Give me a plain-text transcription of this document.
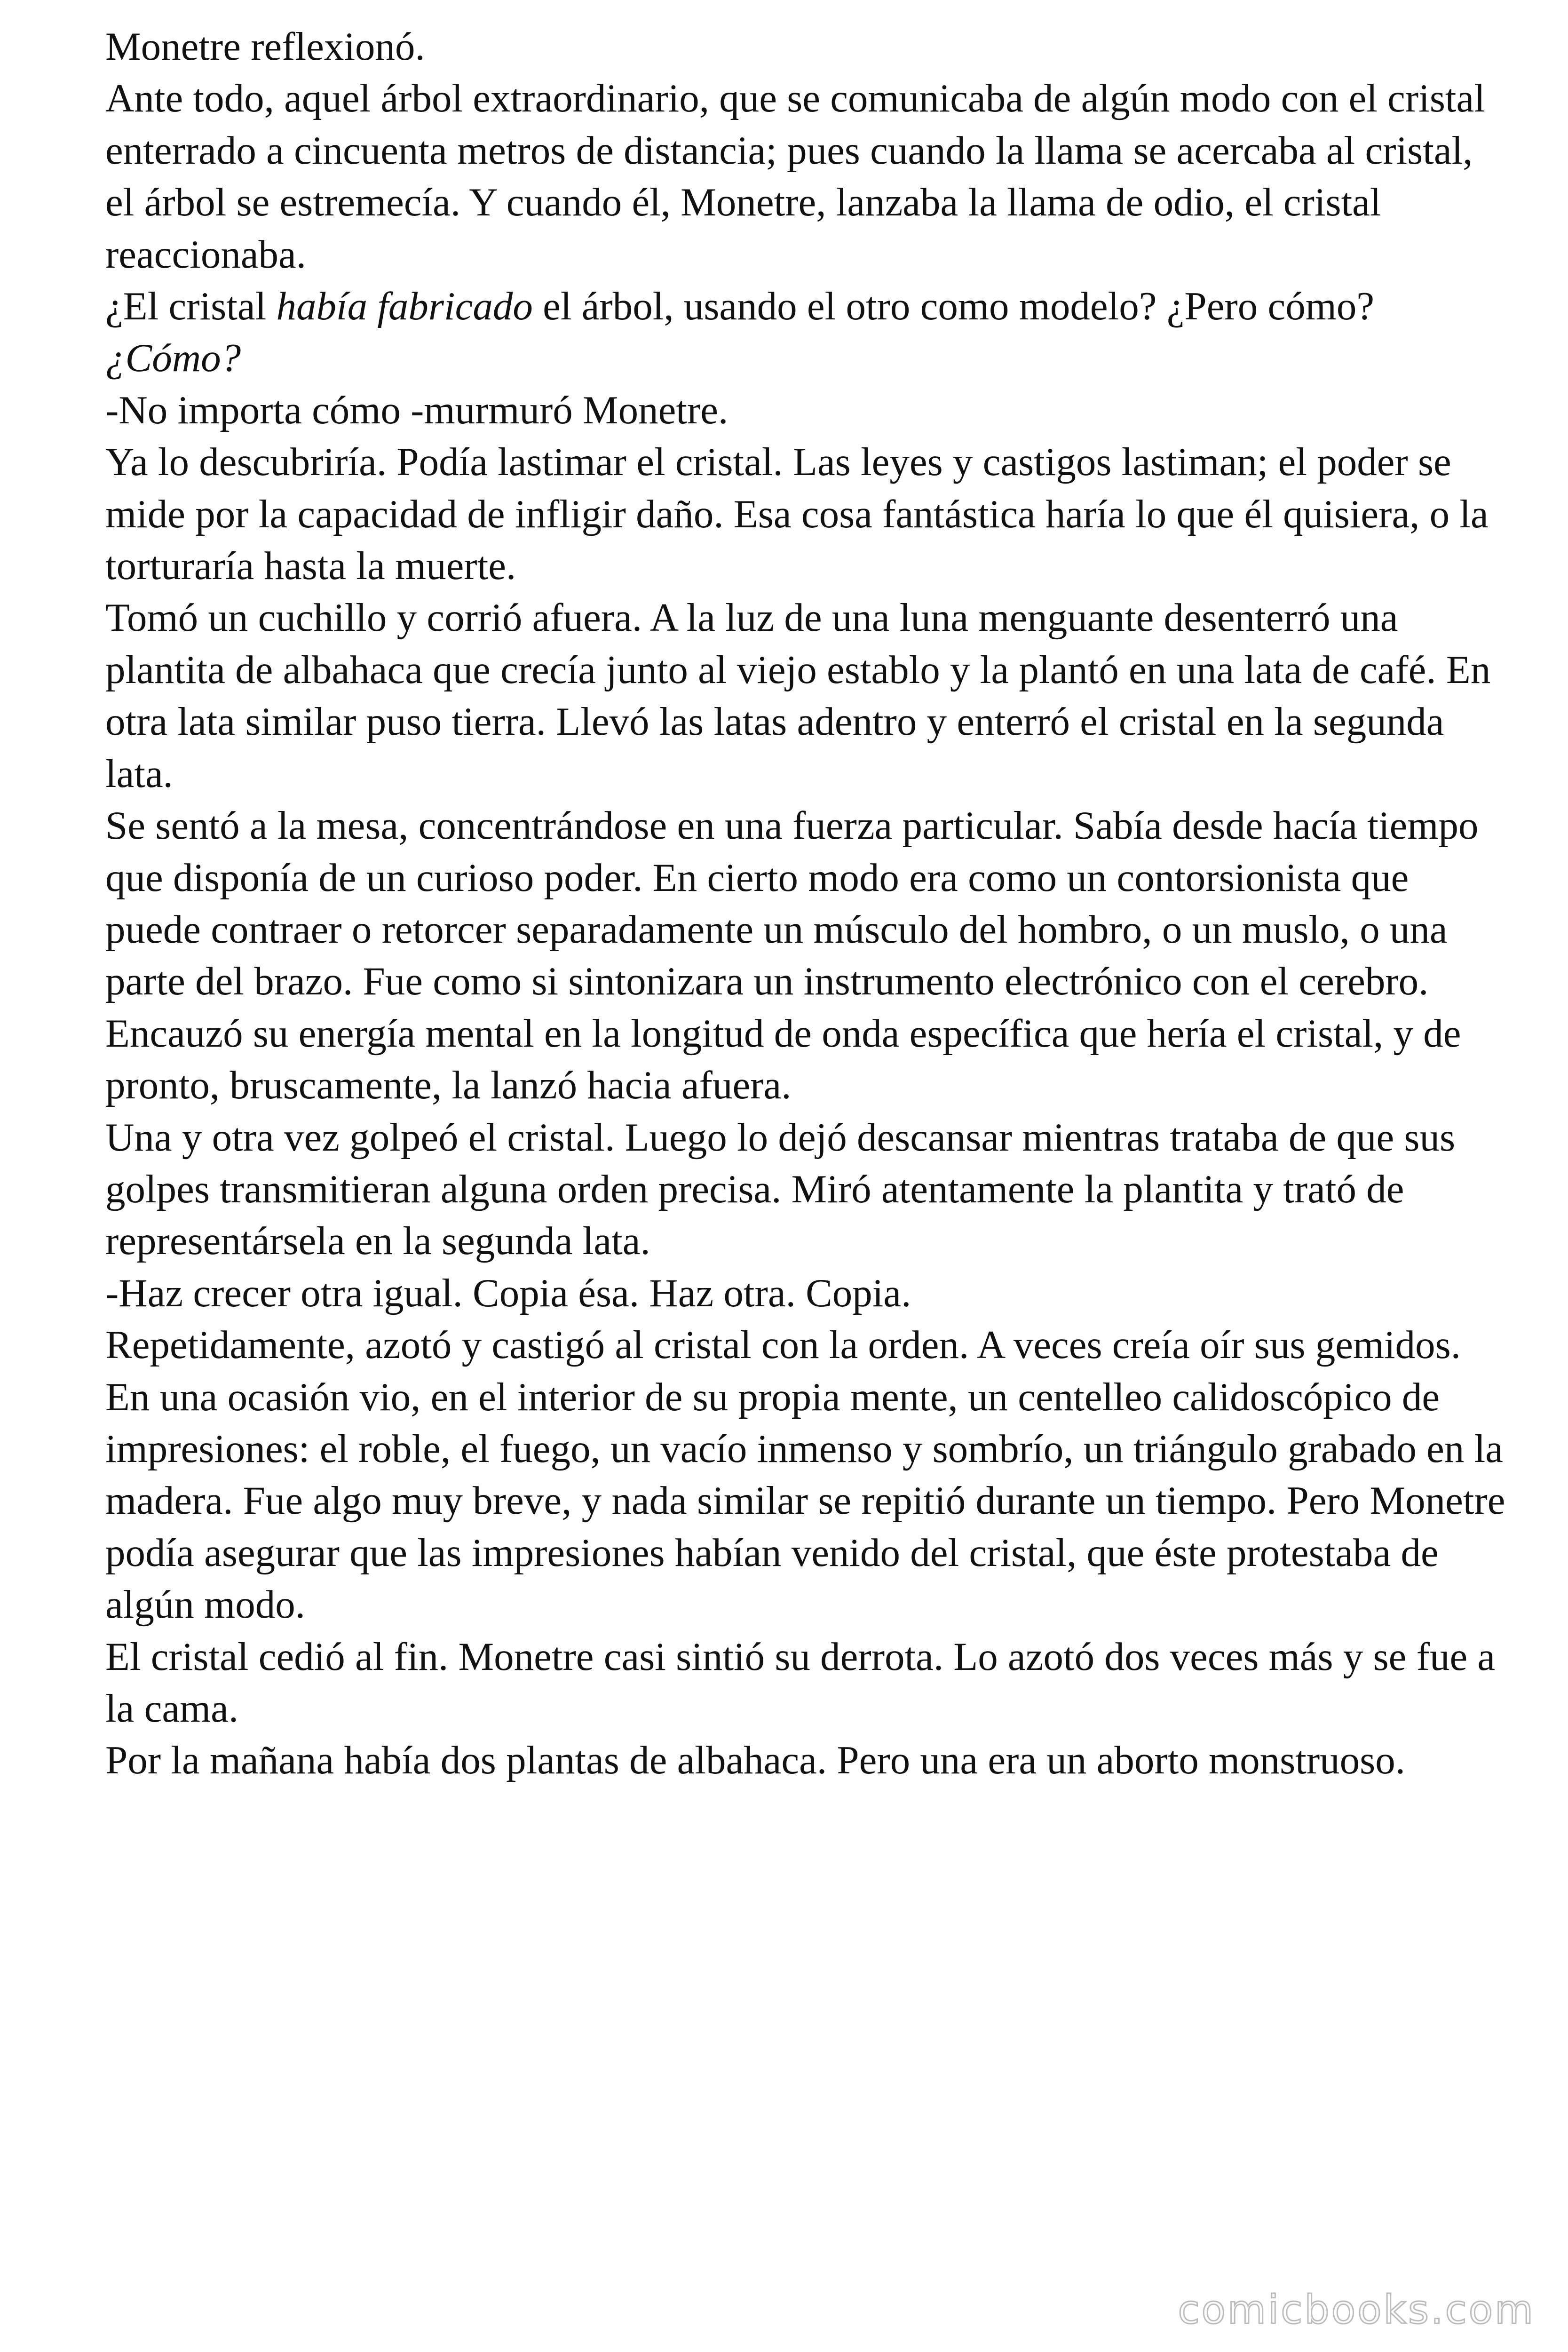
Monetre reflexionó.

Ante todo, aquel árbol extraordinario, que se comunicaba de algún modo con el cristal enterrado a cincuenta metros de distancia; pues cuando la llama se acercaba al cristal, el árbol se estremecía. Y cuando él, Monetre, lanzaba la llama de odio, el cristal reaccionaba.

¿El cristal había fabricado el árbol, usando el otro como modelo? ¿Pero cómo? ¿Cómo?

-No importa cómo -murmuró Monetre.

Ya lo descubriría. Podía lastimar el cristal. Las leyes y castigos lastiman; el poder se mide por la capacidad de infligir daño. Esa cosa fantástica haría lo que él quisiera, o la torturaría hasta la muerte.

Tomó un cuchillo y corrió afuera. A la luz de una luna menguante desenterró una plantita de albahaca que crecía junto al viejo establo y la plantó en una lata de café. En otra lata similar puso tierra. Llevó las latas adentro y enterró el cristal en la segunda lata.

Se sentó a la mesa, concentrándose en una fuerza particular. Sabía desde hacía tiempo que disponía de un curioso poder. En cierto modo era como un contorsionista que puede contraer o retorcer separadamente un músculo del hombro, o un muslo, o una parte del brazo. Fue como si sintonizara un instrumento electrónico con el cerebro. Encauzó su energía mental en la longitud de onda específica que hería el cristal, y de pronto, bruscamente, la lanzó hacia afuera.

Una y otra vez golpeó el cristal. Luego lo dejó descansar mientras trataba de que sus golpes transmitieran alguna orden precisa. Miró atentamente la plantita y trató de representársela en la segunda lata.

-Haz crecer otra igual. Copia ésa. Haz otra. Copia.

Repetidamente, azotó y castigó al cristal con la orden. A veces creía oír sus gemidos. En una ocasión vio, en el interior de su propia mente, un centelleo calidoscópico de impresiones: el roble, el fuego, un vacío inmenso y sombrío, un triángulo grabado en la madera. Fue algo muy breve, y nada similar se repitió durante un tiempo. Pero Monetre podía asegurar que las impresiones habían venido del cristal, que éste protestaba de algún modo.

El cristal cedió al fin. Monetre casi sintió su derrota. Lo azotó dos veces más y se fue a la cama.

Por la mañana había dos plantas de albahaca. Pero una era un aborto monstruoso.

comicbooks.com
